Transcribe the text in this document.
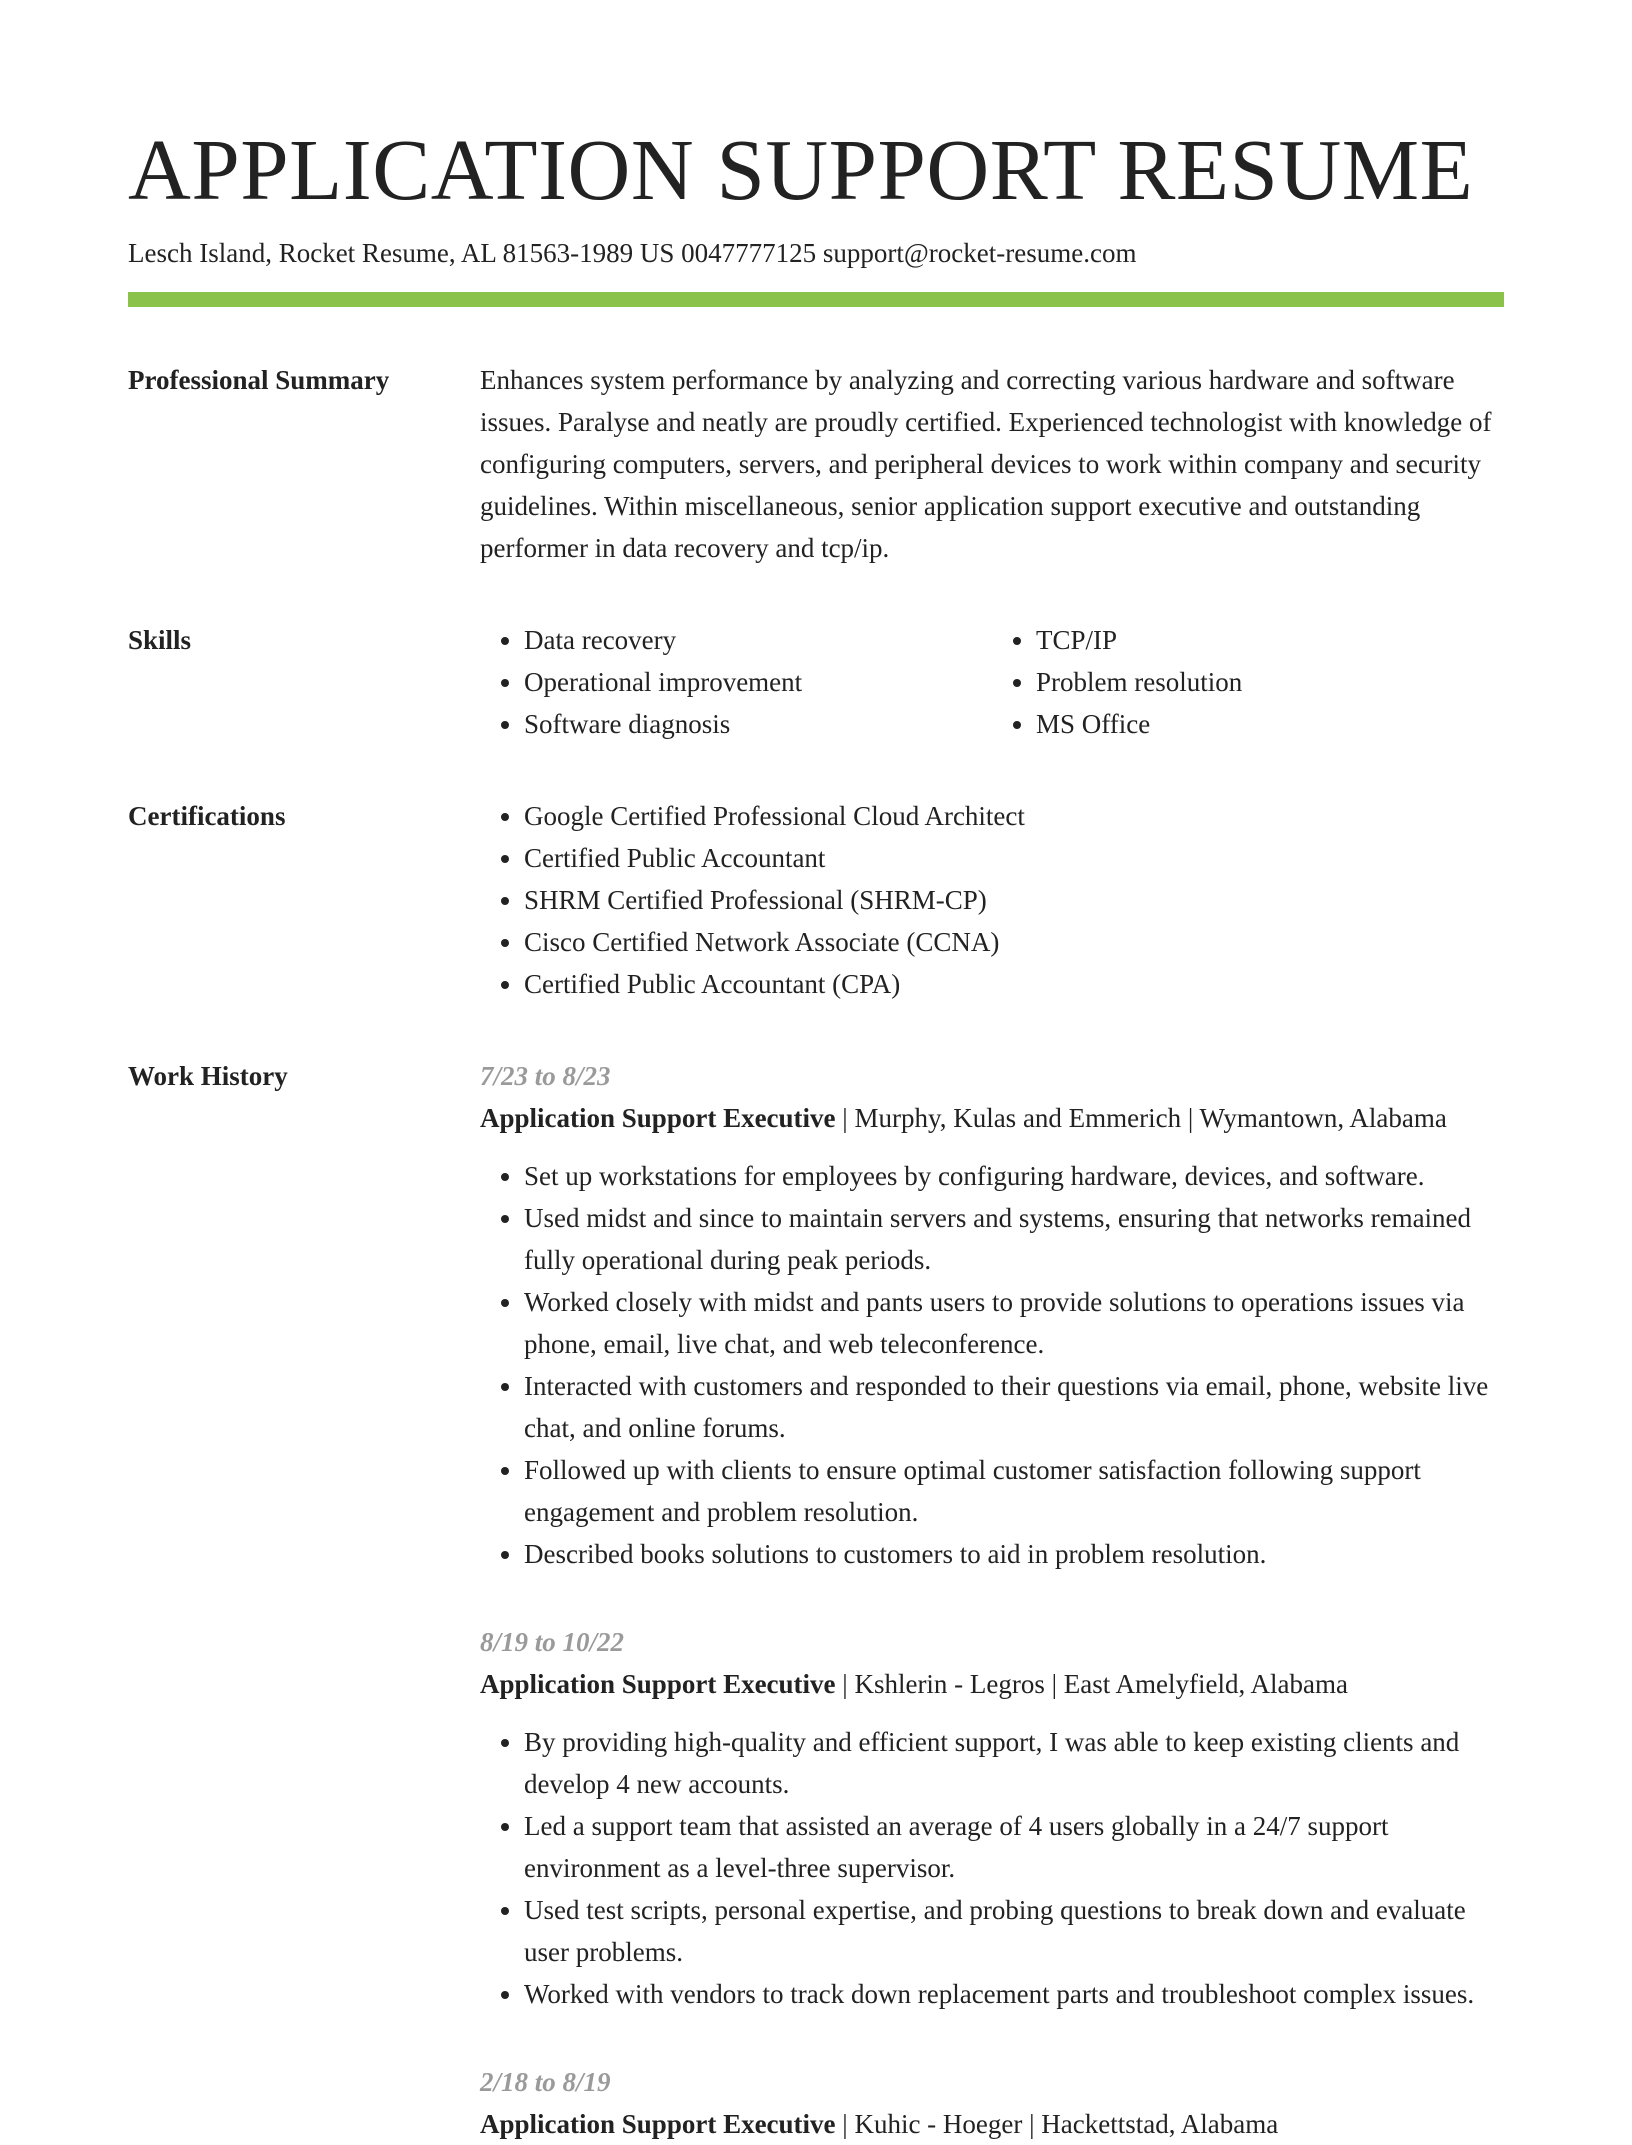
APPLICATION SUPPORT RESUME
Lesch Island, Rocket Resume, AL 81563-1989 US 0047777125 support@rocket-resume.com
Professional Summary	Enhances system performance by analyzing and correcting various hardware and software issues. Paralyse and neatly are proudly certified. Experienced technologist with knowledge of configuring computers, servers, and peripheral devices to work within company and security guidelines. Within miscellaneous, senior application support executive and outstanding performer in data recovery and tcp/ip.

Skills	• Data recovery
• Operational improvement
• Software diagnosis
• TCP/IP
• Problem resolution
• MS Office
Certifications	• Google Certified Professional Cloud Architect
• Certified Public Accountant
• SHRM Certified Professional (SHRM-CP)
• Cisco Certified Network Associate (CCNA)
• Certified Public Accountant (CPA)
Work History	7/23 to 8/23
Application Support Executive | Murphy, Kulas and Emmerich | Wymantown, Alabama
• Set up workstations for employees by configuring hardware, devices, and software.
• Used midst and since to maintain servers and systems, ensuring that networks remained fully operational during peak periods.
• Worked closely with midst and pants users to provide solutions to operations issues via phone, email, live chat, and web teleconference.
• Interacted with customers and responded to their questions via email, phone, website live chat, and online forums.
• Followed up with clients to ensure optimal customer satisfaction following support engagement and problem resolution.
• Described books solutions to customers to aid in problem resolution.
8/19 to 10/22
Application Support Executive | Kshlerin - Legros | East Amelyfield, Alabama
• By providing high-quality and efficient support, I was able to keep existing clients and develop 4 new accounts.
• Led a support team that assisted an average of 4 users globally in a 24/7 support environment as a level-three supervisor.
• Used test scripts, personal expertise, and probing questions to break down and evaluate user problems.
• Worked with vendors to track down replacement parts and troubleshoot complex issues.
2/18 to 8/19
Application Support Executive | Kuhic - Hoeger | Hackettstad, Alabama
